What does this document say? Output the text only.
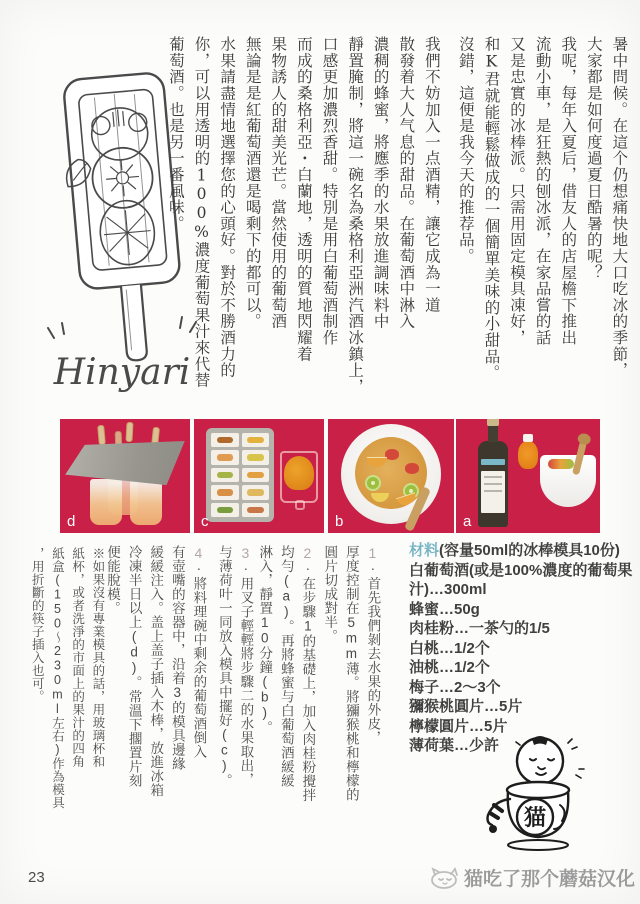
Hinyari	暑中問候。在這个仍想痛快地大口吃冰的季節，

大家都是如何度過夏日酷暑的呢？

我呢，每年入夏后，借友人的店屋檐下推出

流動小車，是狂熱的刨冰派，在家品嘗的話

又是忠實的冰棒派。只需用固定模具凍好，

和K君就能輕鬆做成的一個簡單美味的小甜品。

沒錯，這便是我今天的推荐品。

我們不妨加入一点酒精，讓它成為一道

散發着大人气息的甜品。在葡萄酒中淋入

濃稠的蜂蜜，將應季的水果放進調味料中

靜置腌制，將這一碗名為桑格利亞洲汽酒冰鎮上，

口感更加濃烈香甜。特別是用白葡萄酒制作

而成的桑格利亞・白蘭地，透明的質地閃耀着

果物誘人的甜美光芒。當然使用的葡萄酒

無論是是紅葡萄酒還是喝剩下的都可以。

水果請盡情地選擇您的心頭好。對於不勝酒力的

你，可以用透明的100%濃度葡萄果汁來代替

葡萄酒。也是另一番風味。

d	c	b	a
材料(容量50ml的冰棒模具10份)
白葡萄酒(或是100%濃度的葡萄果汁)…300ml
蜂蜜…50g
肉桂粉…一茶勺的1/5
白桃…1/2个
油桃…1/2个
梅子…2～3个
獼猴桃圓片…5片
檸檬圓片…5片
薄荷葉…少許

1·首先我們剝去水果的外皮，

厚度控制在5mm薄。將獼猴桃和檸檬的

圓片切成對半。

2·在步驟1的基礎上，加入肉桂粉攪拌

均勻(a)。再將蜂蜜与白葡萄酒緩緩

淋入，靜置10分鐘(b)。

3·用叉子輕輕將步驟二的水果取出，

与薄荷叶一同放入模具中擺好(c)。

4·將料理碗中剩余的葡萄酒倒入

有壺嘴的容器中，沿着3的模具邊緣

緩緩注入。盖上盖子插入木棒，放進冰箱

冷凍半日以上(d)。常溫下擱置片刻

便能脫模。

※如果沒有專業模具的話，用玻璃杯和

紙杯，或者洗淨的市面上的果汁的四角

紙盒(150～230ml左右)作為模具

，用折斷的筷子插入也可。

猫
23	猫吃了那个蘑菇汉化
